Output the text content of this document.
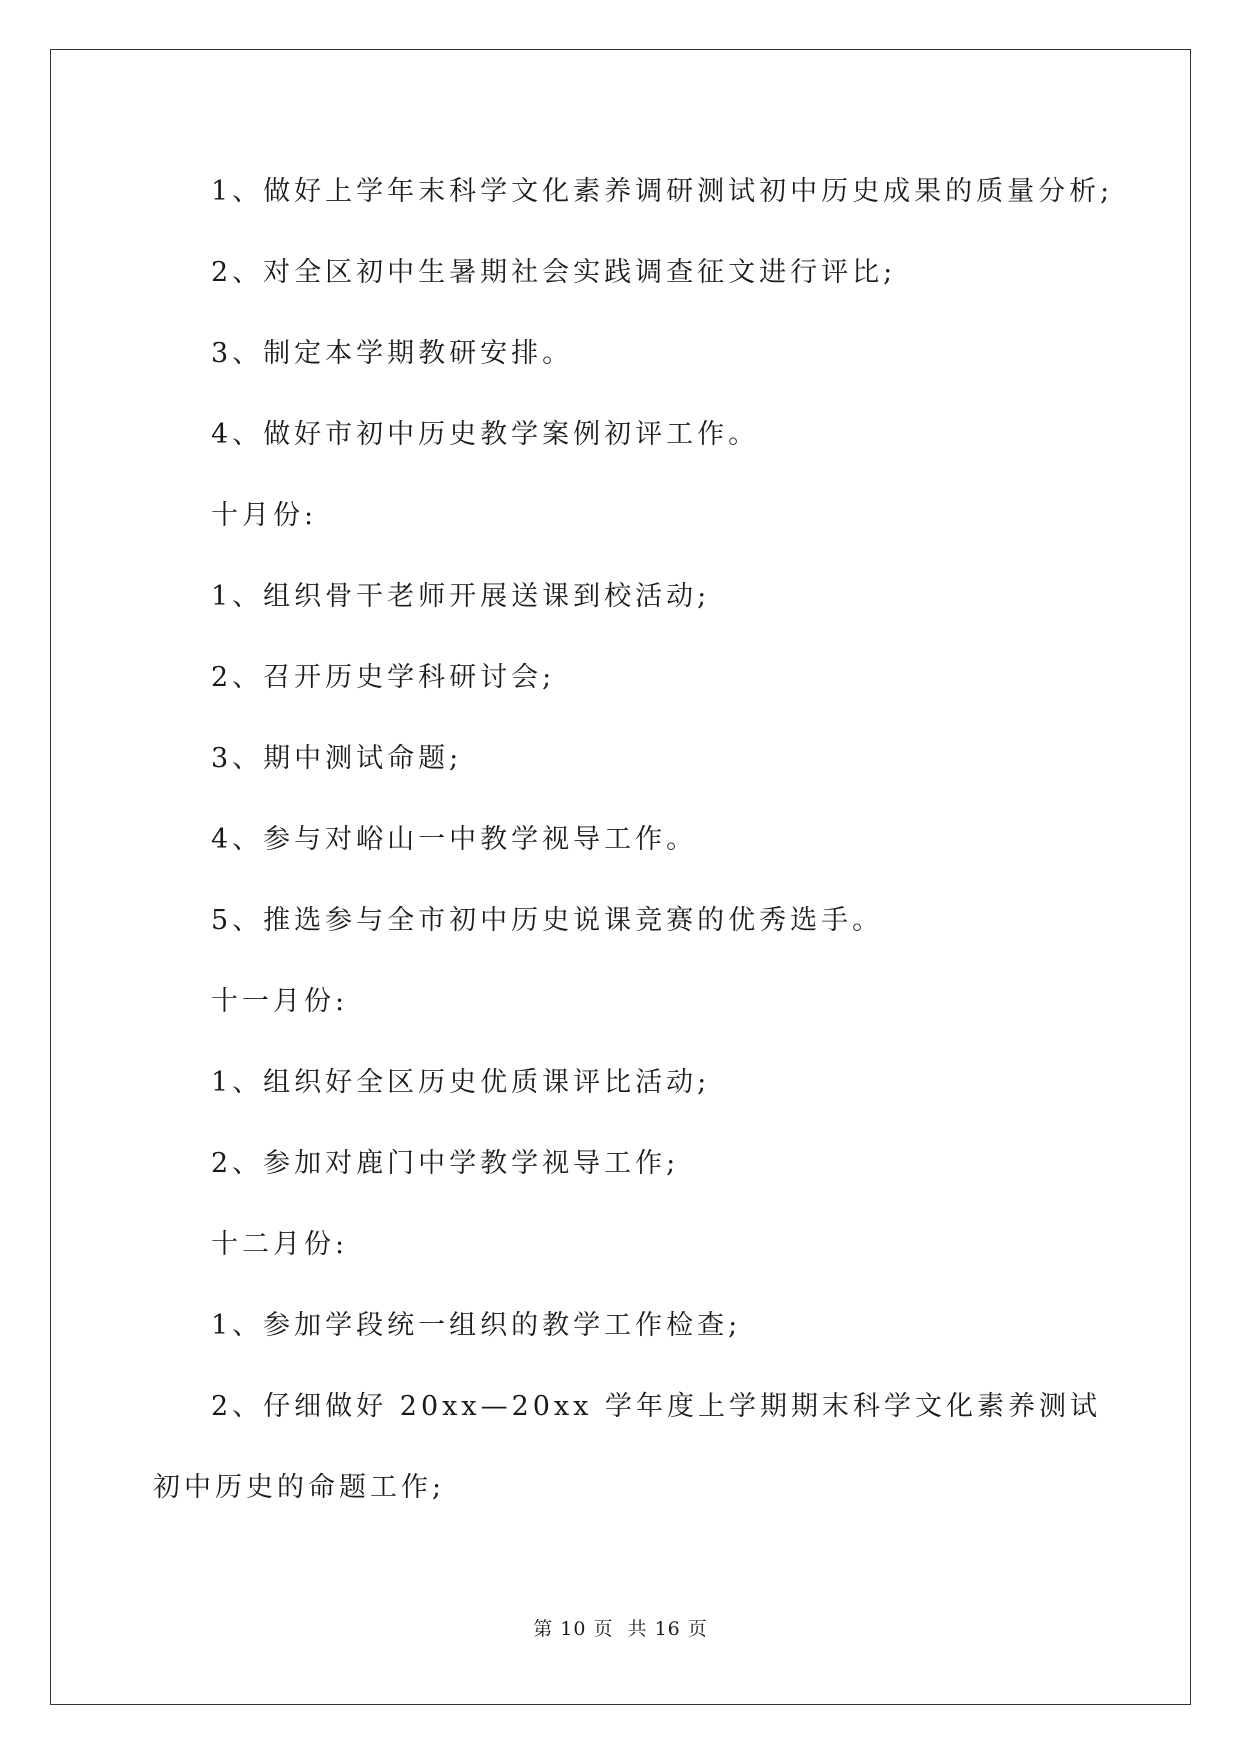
1、做好上学年末科学文化素养调研测试初中历史成果的质量分析;

2、对全区初中生暑期社会实践调查征文进行评比;

3、制定本学期教研安排。

4、做好市初中历史教学案例初评工作。

十月份:

1、组织骨干老师开展送课到校活动;

2、召开历史学科研讨会;

3、期中测试命题;

4、参与对峪山一中教学视导工作。

5、推选参与全市初中历史说课竞赛的优秀选手。

十一月份:

1、组织好全区历史优质课评比活动;

2、参加对鹿门中学教学视导工作;

十二月份:

1、参加学段统一组织的教学工作检查;

2、仔细做好 20xx—20xx 学年度上学期期末科学文化素养测试初中历史的命题工作;

第 10 页  共 16 页
